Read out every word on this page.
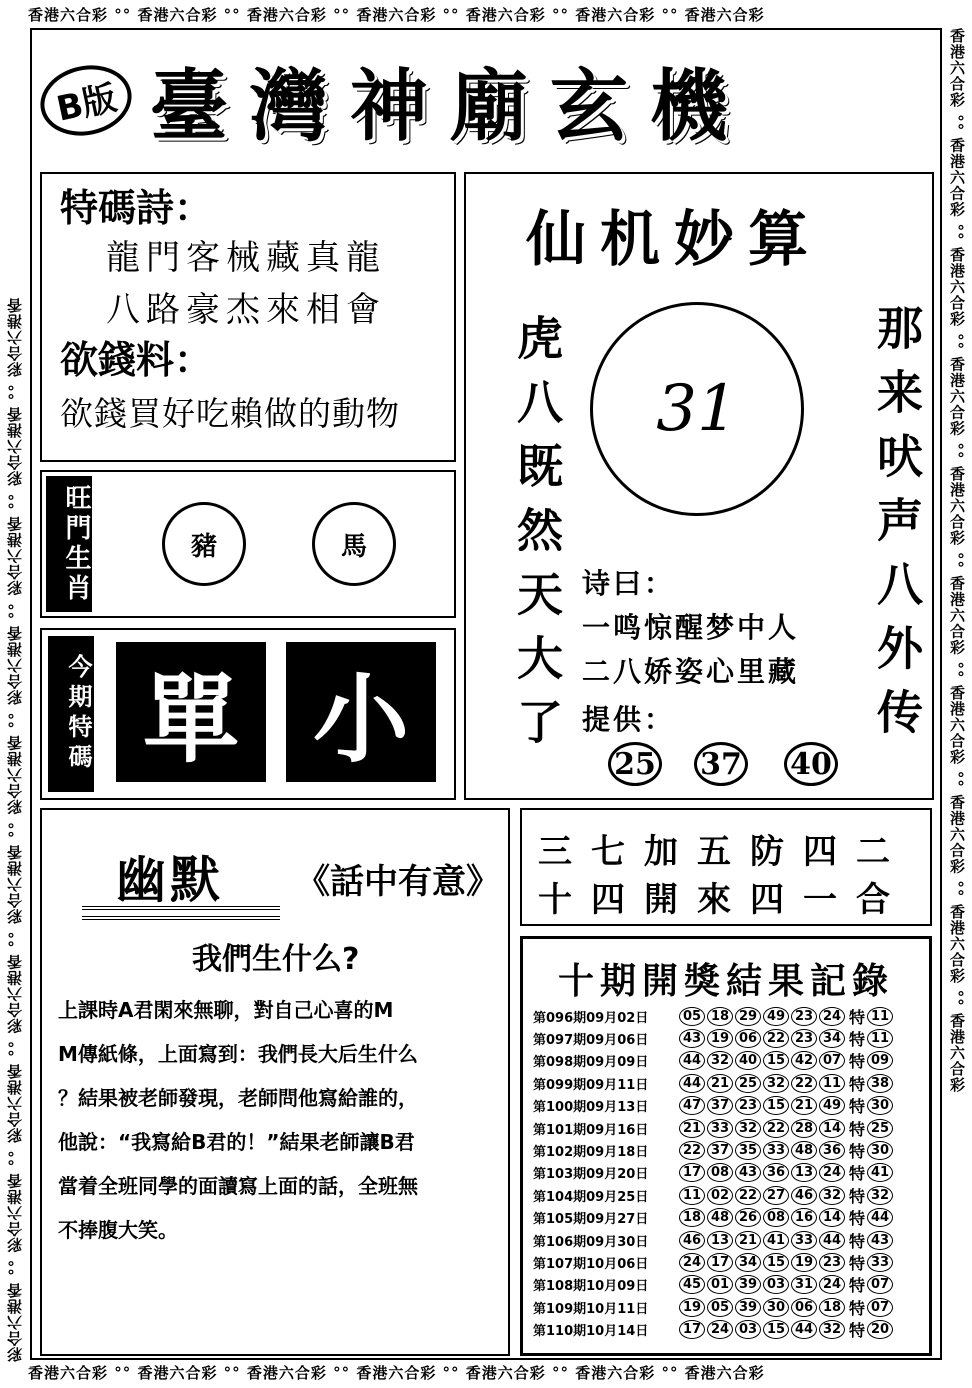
香港六合彩 °° 香港六合彩 °° 香港六合彩 °° 香港六合彩 °° 香港六合彩 °° 香港六合彩 °° 香港六合彩
香港六合彩 °° 香港六合彩 °° 香港六合彩 °° 香港六合彩 °° 香港六合彩 °° 香港六合彩 °° 香港六合彩
彩合六港香 °° 彩合六港香 °° 彩合六港香 °° 彩合六港香 °° 彩合六港香 °° 彩合六港香 °° 彩合六港香 °° 彩合六港香 °° 彩合六港香 °° 彩合六港香	香港六合彩 °° 香港六合彩 °° 香港六合彩 °° 香港六合彩 °° 香港六合彩 °° 香港六合彩 °° 香港六合彩 °° 香港六合彩 °° 香港六合彩 °° 香港六合彩
B版 臺灣神廟玄機
特碼詩：
龍門客械藏真龍
八路豪杰來相會
欲錢料：
欲錢買好吃賴做的動物
旺門生肖	豬	馬
今期特碼 單 小
仙机妙算
虎八既然天大了	那来吠声八外传
31
诗曰：
一鸣惊醒梦中人
二八娇姿心里藏
提供：
25 37 40
幽默 《話中有意》
我們生什么?
上課時A君閑來無聊，對自己心喜的M
M傳紙條，上面寫到：我們長大后生什么
？結果被老師發現，老師問他寫給誰的，
他說：“我寫給B君的！”結果老師讓B君
當着全班同學的面讀寫上面的話，全班無
不捧腹大笑。
三七加五防四二
十四開來四一合
十期開獎結果記錄
第096期09月02日	05 18 29 49 23 24 特 11
第097期09月06日	43 19 06 22 23 34 特 11
第098期09月09日	44 32 40 15 42 07 特 09
第099期09月11日	44 21 25 32 22 11 特 38
第100期09月13日	47 37 23 15 21 49 特 30
第101期09月16日	21 33 32 22 28 14 特 25
第102期09月18日	22 37 35 33 48 36 特 30
第103期09月20日	17 08 43 36 13 24 特 41
第104期09月25日	11 02 22 27 46 32 特 32
第105期09月27日	18 48 26 08 16 14 特 44
第106期09月30日	46 13 21 41 33 44 特 43
第107期10月06日	24 17 34 15 19 23 特 33
第108期10月09日	45 01 39 03 31 24 特 07
第109期10月11日	19 05 39 30 06 18 特 07
第110期10月14日	17 24 03 15 44 32 特 20
